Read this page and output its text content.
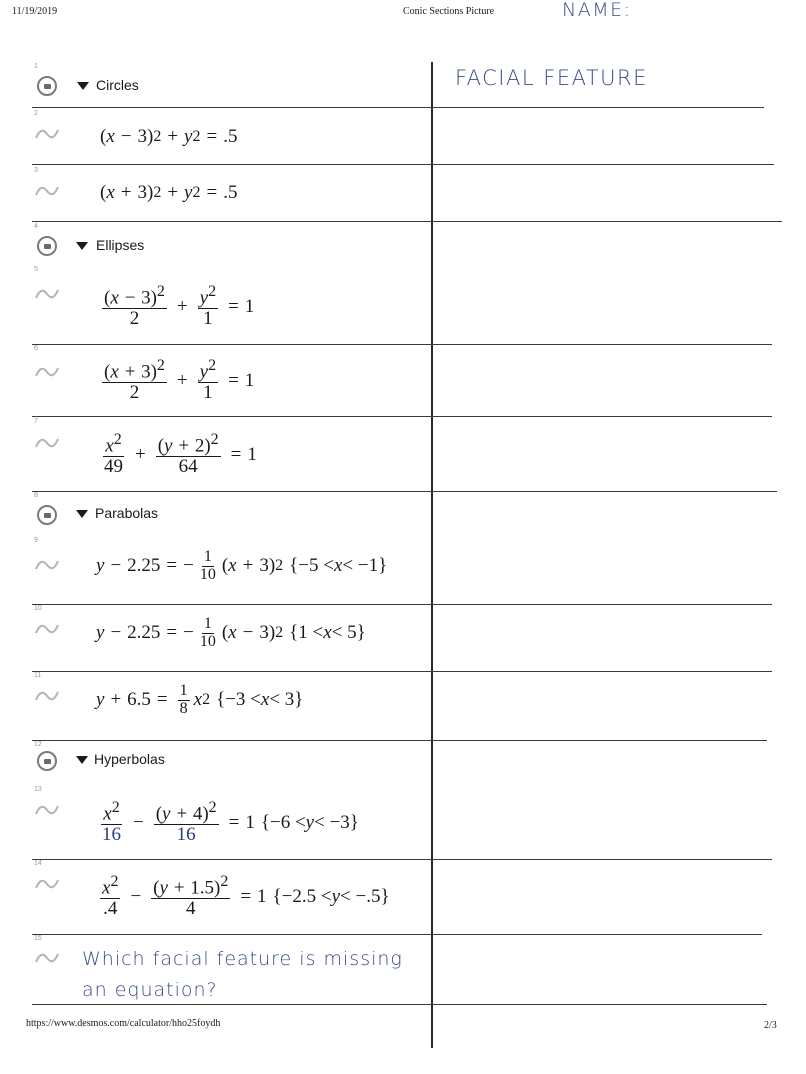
11/19/2019	Conic Sections Picture	NAME:
FACIAL FEATURE
1
Circles
2
( x − 3) 2 + y 2 = .5
3
( x + 3) 2 + y 2 = .5
4
Ellipses
5
$\frac{(x - 3)^2}{2} + \frac{y^2}{1} = 1$
6
$\frac{(x + 3)^2}{2} + \frac{y^2}{1} = 1$
7
$\frac{x^2}{49} + \frac{(y + 2)^2}{64} = 1$
8
Parabolas
9
y − 2.25 = − $\frac{1}{10}$ ( x + 3) 2 {−5 < x < −1}
10
y − 2.25 = − $\frac{1}{10}$ ( x − 3) 2 {1 < x < 5}
11
$y + 6.5 = \frac{1}{8}$ x 2 {−3 < x < 3}
12
Hyperbolas
13
$\frac{x^2}{16} - \frac{(y + 4)^2}{16} = 1$ {−6 < y < −3}
14
$\frac{x^2}{.4} - \frac{(y + 1.5)^2}{4} = 1$ {−2.5 < y < −.5}
15
Which facial feature is missing an equation?
https://www.desmos.com/calculator/hho25foydh	2/3
